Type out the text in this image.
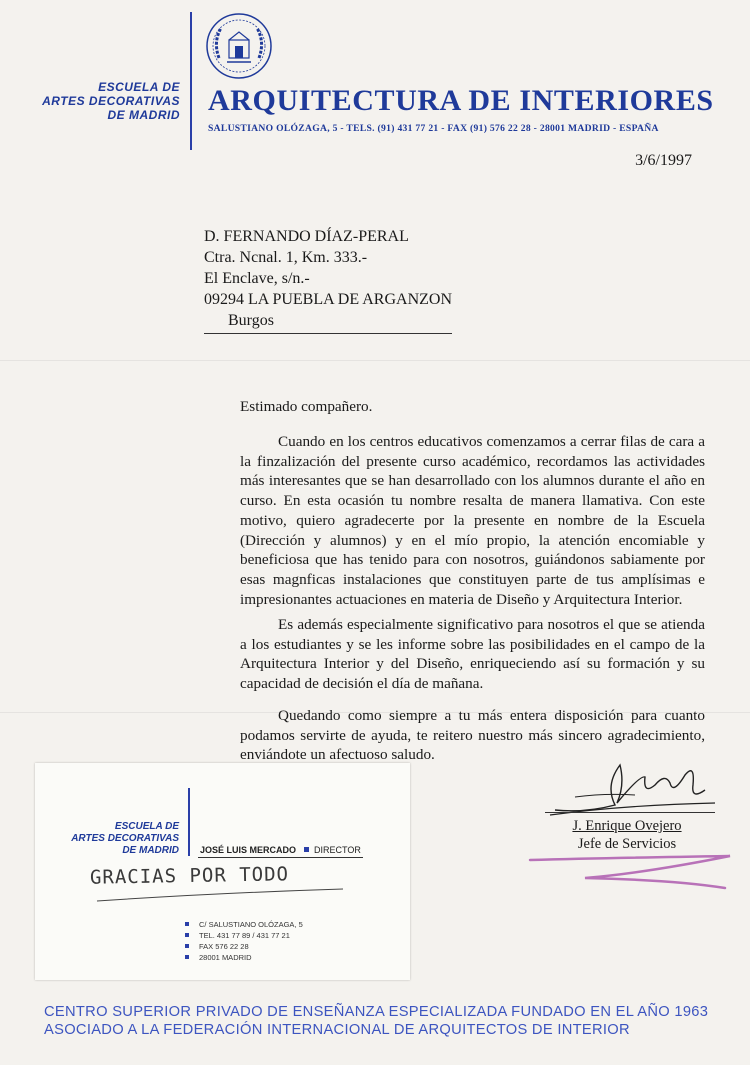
ESCUELA DE
ARTES DECORATIVAS
DE MADRID ARQUITECTURA DE INTERIORES
SALUSTIANO OLÓZAGA, 5 - TELS. (91) 431 77 21 - FAX (91) 576 22 28 - 28001 MADRID - ESPAÑA
3/6/1997
D. FERNANDO DÍAZ-PERAL
Ctra. Ncnal. 1, Km. 333.-
El Enclave, s/n.-
09294 LA PUEBLA DE ARGANZON
Burgos
Estimado compañero.
Cuando en los centros educativos comenzamos a cerrar filas de cara a la finzalización del presente curso académico, recordamos las actividades más interesantes que se han desarrollado con los alumnos durante el año en curso. En esta ocasión tu nombre resalta de manera llamativa. Con este motivo, quiero agradecerte por la presente en nombre de la Escuela (Dirección y alumnos) y en el mío propio, la atención encomiable y beneficiosa que has tenido para con nosotros, guiándonos sabiamente por esas magnficas instalaciones que constituyen parte de tus amplísimas e impresionantes actuaciones en materia de Diseño y Arquitectura Interior.
Es además especialmente significativo para nosotros el que se atienda a los estudiantes y se les informe sobre las posibilidades en el campo de la Arquitectura Interior y del Diseño, enriqueciendo así su formación y su capacidad de decisión el día de mañana.
Quedando como siempre a tu más entera disposición para cuanto podamos servirte de ayuda, te reitero nuestro más sincero agradecimiento, enviándote un afectuoso saludo.
J. Enrique Ovejero
Jefe de Servicios
ESCUELA DE
ARTES DECORATIVAS
DE MADRID JOSÉ LUIS MERCADO DIRECTOR
GRACIAS POR TODO
C/ SALUSTIANO OLÓZAGA, 5
TEL. 431 77 89 / 431 77 21
FAX 576 22 28
28001 MADRID
CENTRO SUPERIOR PRIVADO DE ENSEÑANZA ESPECIALIZADA FUNDADO EN EL AÑO 1963
ASOCIADO A LA FEDERACIÓN INTERNACIONAL DE ARQUITECTOS DE INTERIOR
